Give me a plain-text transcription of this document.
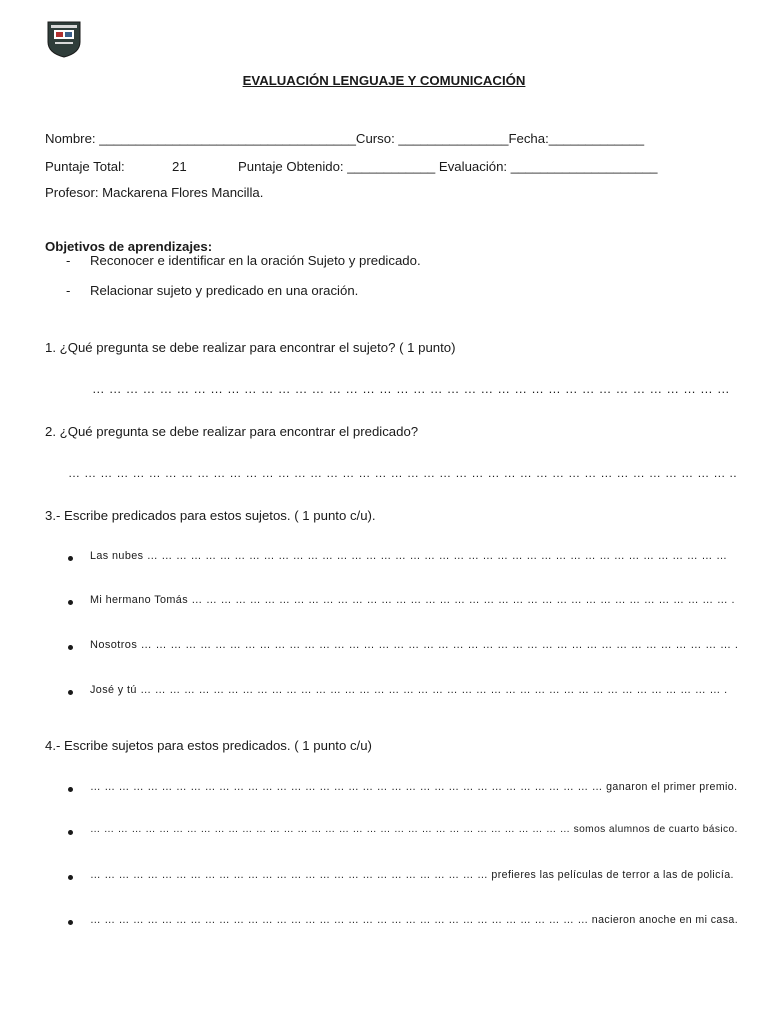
EVALUACIÓN LENGUAJE Y COMUNICACIÓN
Nombre: ___________________________________Curso: _______________Fecha:_____________
Puntaje Total:	21	Puntaje Obtenido: ____________ Evaluación: ____________________
Profesor: Mackarena Flores Mancilla.
Objetivos de aprendizajes:
- Reconocer e identificar en la oración Sujeto y predicado.
- Relacionar sujeto y predicado en una oración.
1. ¿Qué pregunta se debe realizar para encontrar el sujeto? ( 1 punto)
… … … … … … … … … … … … … … … … … … … … … … … … … … … … … … … … … … … … … …
2. ¿Qué pregunta se debe realizar para encontrar el predicado?
… … … … … … … … … … … … … … … … … … … … … … … … … … … … … … … … … … … … … … … … … ..
3.- Escribe predicados para estos sujetos. ( 1 punto c/u).
Las nubes … … … … … … … … … … … … … … … … … … … … … … … … … … … … … … … … … … … … … … … …
Mi hermano Tomás … … … … … … … … … … … … … … … … … … … … … … … … … … … … … … … … … … … … … .
Nosotros … … … … … … … … … … … … … … … … … … … … … … … … … … … … … … … … … … … … … … … … .
José y tú … … … … … … … … … … … … … … … … … … … … … … … … … … … … … … … … … … … … … … … … .
4.- Escribe sujetos para estos predicados. ( 1 punto c/u)
… … … … … … … … … … … … … … … … … … … … … … … … … … … … … … … … … … … … ganaron el primer premio.
… … … … … … … … … … … … … … … … … … … … … … … … … … … … … … … … … … … somos alumnos de cuarto básico.
… … … … … … … … … … … … … … … … … … … … … … … … … … … … prefieres las películas de terror a las de policía.
… … … … … … … … … … … … … … … … … … … … … … … … … … … … … … … … … … … nacieron anoche en mi casa.
